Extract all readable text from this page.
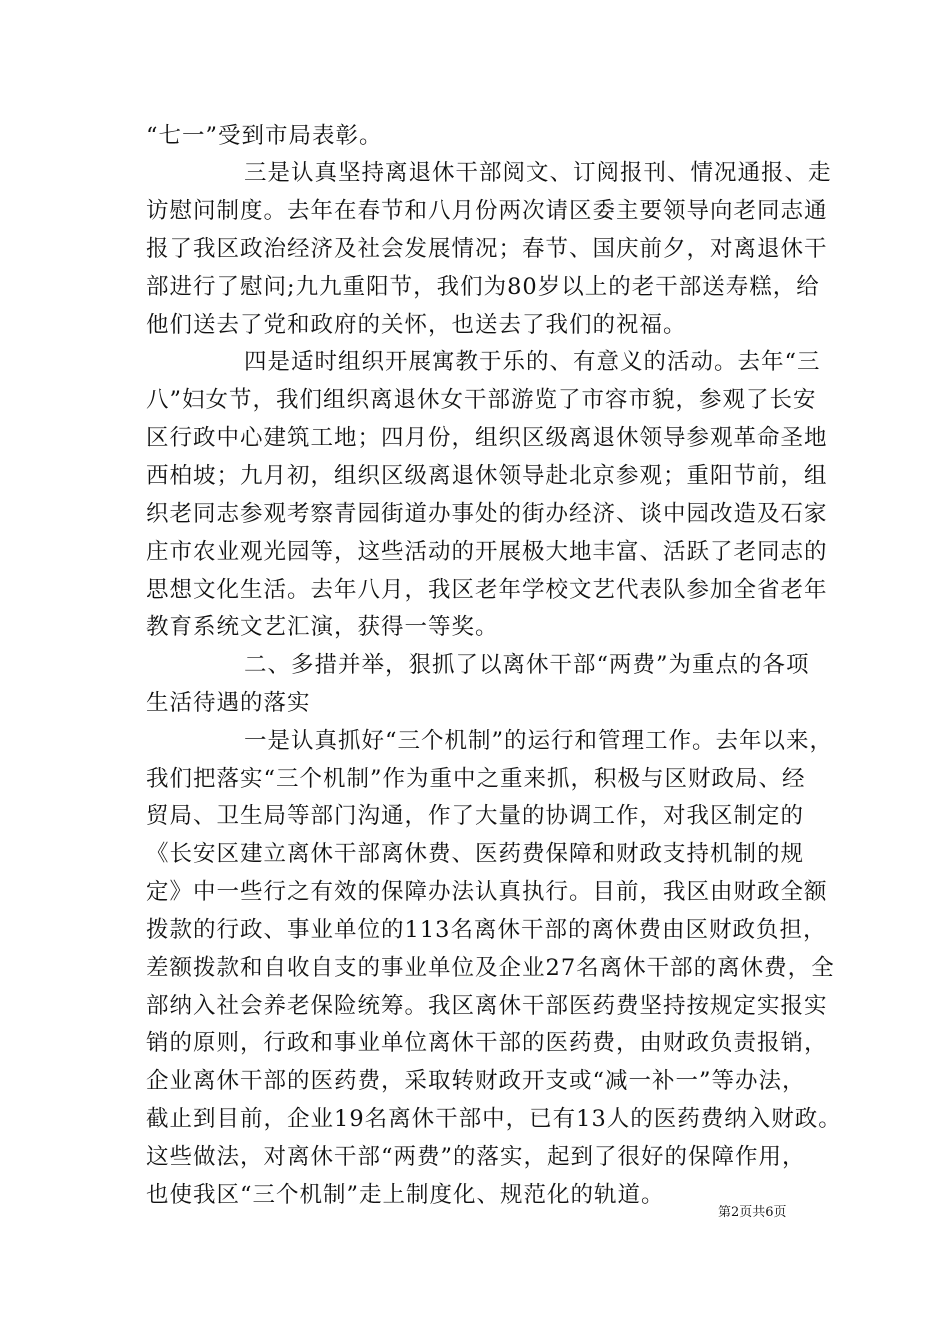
“七一”受到市局表彰。
三是认真坚持离退休干部阅文、订阅报刊、情况通报、走
访慰问制度。去年在春节和八月份两次请区委主要领导向老同志通
报了我区政治经济及社会发展情况；春节、国庆前夕，对离退休干
部进行了慰问;九九重阳节，我们为80岁以上的老干部送寿糕，给
他们送去了党和政府的关怀，也送去了我们的祝福。
四是适时组织开展寓教于乐的、有意义的活动。去年“三
八”妇女节，我们组织离退休女干部游览了市容市貌，参观了长安
区行政中心建筑工地；四月份，组织区级离退休领导参观革命圣地
西柏坡；九月初，组织区级离退休领导赴北京参观；重阳节前，组
织老同志参观考察青园街道办事处的街办经济、谈中园改造及石家
庄市农业观光园等，这些活动的开展极大地丰富、活跃了老同志的
思想文化生活。去年八月，我区老年学校文艺代表队参加全省老年
教育系统文艺汇演，获得一等奖。
二、多措并举，狠抓了以离休干部“两费”为重点的各项
生活待遇的落实
一是认真抓好“三个机制”的运行和管理工作。去年以来，
我们把落实“三个机制”作为重中之重来抓，积极与区财政局、经
贸局、卫生局等部门沟通，作了大量的协调工作，对我区制定的
《长安区建立离休干部离休费、医药费保障和财政支持机制的规
定》中一些行之有效的保障办法认真执行。目前，我区由财政全额
拨款的行政、事业单位的113名离休干部的离休费由区财政负担，
差额拨款和自收自支的事业单位及企业27名离休干部的离休费，全
部纳入社会养老保险统筹。我区离休干部医药费坚持按规定实报实
销的原则，行政和事业单位离休干部的医药费，由财政负责报销，
企业离休干部的医药费，采取转财政开支或“减一补一”等办法，
截止到目前，企业19名离休干部中，已有13人的医药费纳入财政。
这些做法，对离休干部“两费”的落实，起到了很好的保障作用，
也使我区“三个机制”走上制度化、规范化的轨道。
第2页共6页
